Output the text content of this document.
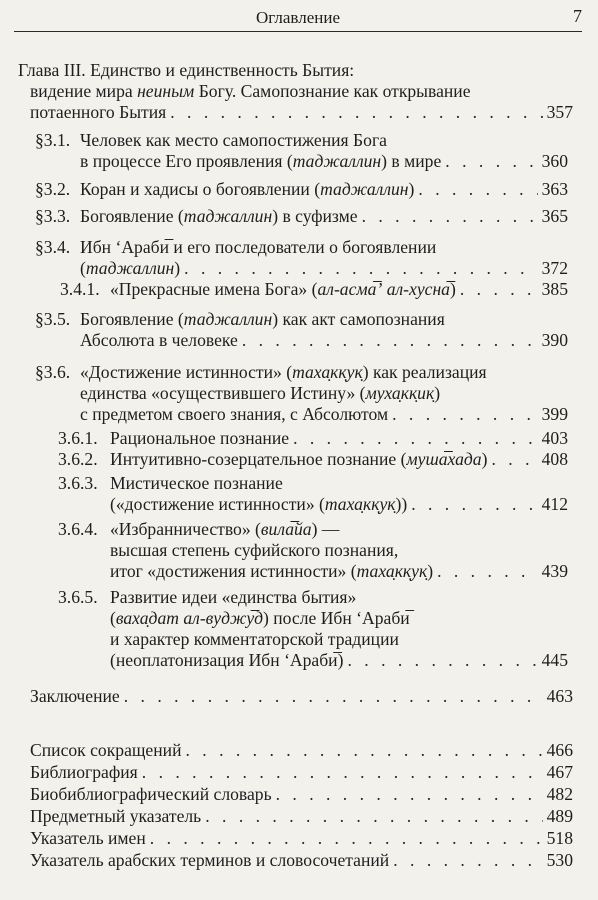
Оглавление	7
Глава III. Единство и единственность Бытия:
видение мира неиным Богу. Самопознание как открывание
потаенного Бытия . . .	357
§3.1. Человек как место самопостижения Бога
в процессе Его проявления (таджаллин) в мире . . .	360
§3.2. Коран и хадисы о богоявлении (таджаллин) . . .	363
§3.3. Богоявление (таджаллин) в суфизме . . .	365
§3.4. Ибн ʻАраби̅ и его последователи о богоявлении
(таджаллин) . . .	372
3.4.1. «Прекрасные имена Бога» (ал-асма̅ʼ ал-хусна̅) . . .	385
§3.5. Богоявление (таджаллин) как акт самопознания
Абсолюта в человеке . . .	390
§3.6. «Достижение истинности» (таха̣кк̣ук̣) как реализация
единства «осуществившего Истину» (муха̣кк̣ик̣)
с предметом своего знания, с Абсолютом . . .	399
3.6.1. Рациональное познание . . .	403
3.6.2. Интуитивно-созерцательное познание (муша̅хада) . . .	408
3.6.3. Мистическое познание
(«достижение истинности» (таха̣кк̣ук̣)) . . .	412
3.6.4. «Избранничество» (вила̅йа) —
высшая степень суфийского познания,
итог «достижения истинности» (таха̣кк̣ук̣) . . .	439
3.6.5. Развитие идеи «единства бытия»
(ваха̣дат ал-вуджу̅д) после Ибн ʻАраби̅
и характер комментаторской традиции
(неоплатонизация Ибн ʻАраби̅) . . .	445
Заключение . . .	463
Список сокращений . . .	466
Библиография . . .	467
Биобиблиографический словарь . . .	482
Предметный указатель . . .	489
Указатель имен . . .	518
Указатель арабских терминов и словосочетаний . . .	530
